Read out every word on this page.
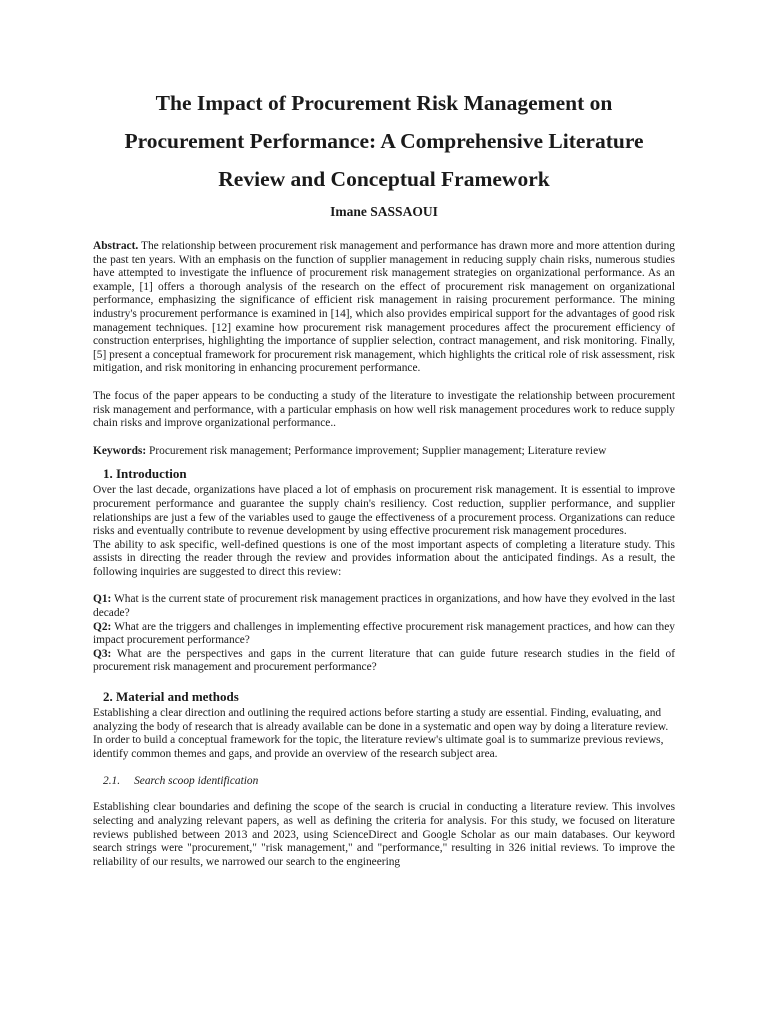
The Impact of Procurement Risk Management on
Procurement Performance: A Comprehensive Literature
Review and Conceptual Framework
Imane SASSAOUI

Abstract. The relationship between procurement risk management and performance has drawn more and more attention during the past ten years. With an emphasis on the function of supplier management in reducing supply chain risks, numerous studies have attempted to investigate the influence of procurement risk management strategies on organizational performance. As an example, [1] offers a thorough analysis of the research on the effect of procurement risk management on organizational performance, emphasizing the significance of efficient risk management in raising procurement performance. The mining industry's procurement performance is examined in [14], which also provides empirical support for the advantages of good risk management techniques. [12] examine how procurement risk management procedures affect the procurement efficiency of construction enterprises, highlighting the importance of supplier selection, contract management, and risk monitoring. Finally, [5] present a conceptual framework for procurement risk management, which highlights the critical role of risk assessment, risk mitigation, and risk monitoring in enhancing procurement performance.

The focus of the paper appears to be conducting a study of the literature to investigate the relationship between procurement risk management and performance, with a particular emphasis on how well risk management procedures work to reduce supply chain risks and improve organizational performance..

Keywords: Procurement risk management; Performance improvement; Supplier management; Literature review

1. Introduction

Over the last decade, organizations have placed a lot of emphasis on procurement risk management. It is essential to improve procurement performance and guarantee the supply chain's resiliency. Cost reduction, supplier performance, and supplier relationships are just a few of the variables used to gauge the effectiveness of a procurement process. Organizations can reduce risks and eventually contribute to revenue development by using effective procurement risk management procedures.

The ability to ask specific, well-defined questions is one of the most important aspects of completing a literature study. This assists in directing the reader through the review and provides information about the anticipated findings. As a result, the following inquiries are suggested to direct this review:

Q1: What is the current state of procurement risk management practices in organizations, and how have they evolved in the last decade?

Q2: What are the triggers and challenges in implementing effective procurement risk management practices, and how can they impact procurement performance?

Q3: What are the perspectives and gaps in the current literature that can guide future research studies in the field of procurement risk management and procurement performance?

2. Material and methods

Establishing a clear direction and outlining the required actions before starting a study are essential. Finding, evaluating, and analyzing the body of research that is already available can be done in a systematic and open way by doing a literature review. In order to build a conceptual framework for the topic, the literature review's ultimate goal is to summarize previous reviews, identify common themes and gaps, and provide an overview of the research subject area.

2.1. Search scoop identification

Establishing clear boundaries and defining the scope of the search is crucial in conducting a literature review. This involves selecting and analyzing relevant papers, as well as defining the criteria for analysis. For this study, we focused on literature reviews published between 2013 and 2023, using ScienceDirect and Google Scholar as our main databases. Our keyword search strings were "procurement," "risk management," and "performance," resulting in 326 initial reviews. To improve the reliability of our results, we narrowed our search to the engineering
